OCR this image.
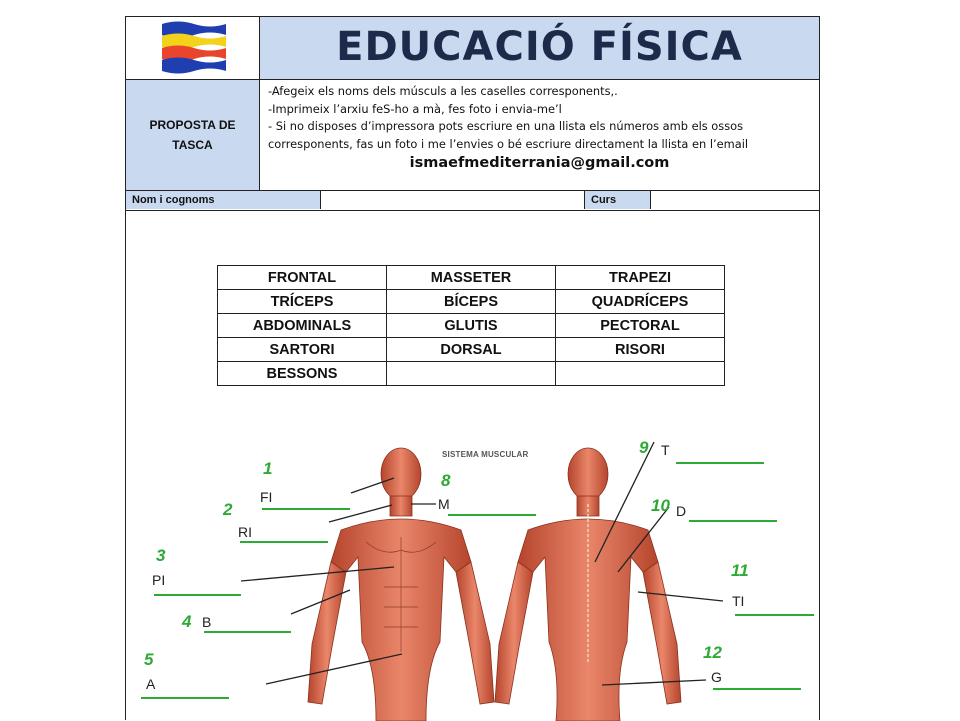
EDUCACIÓ FÍSICA
PROPOSTA DE TASCA
-Afegeix els noms dels músculs a les caselles corresponents,.
-Imprimeix l’arxiu feS-ho a mà, fes foto i envia-me’l
- Si no disposes d’impressora pots escriure en una llista els números amb els ossos
corresponents, fas un foto i me l’envies o bé escriure directament la llista en l’email
ismaefmediterrania@gmail.com
Nom i cognoms	Curs
FRONTAL	MASSETER	TRAPEZI
TRÍCEPS	BÍCEPS	QUADRÍCEPS
ABDOMINALS	GLUTIS	PECTORAL
SARTORI	DORSAL	RISORI
BESSONS		
SISTEMA MUSCULAR
1
2
3
4
5
8
9
10
11
12
FI
RI
PI
B
A
M
T
D
TI
G
